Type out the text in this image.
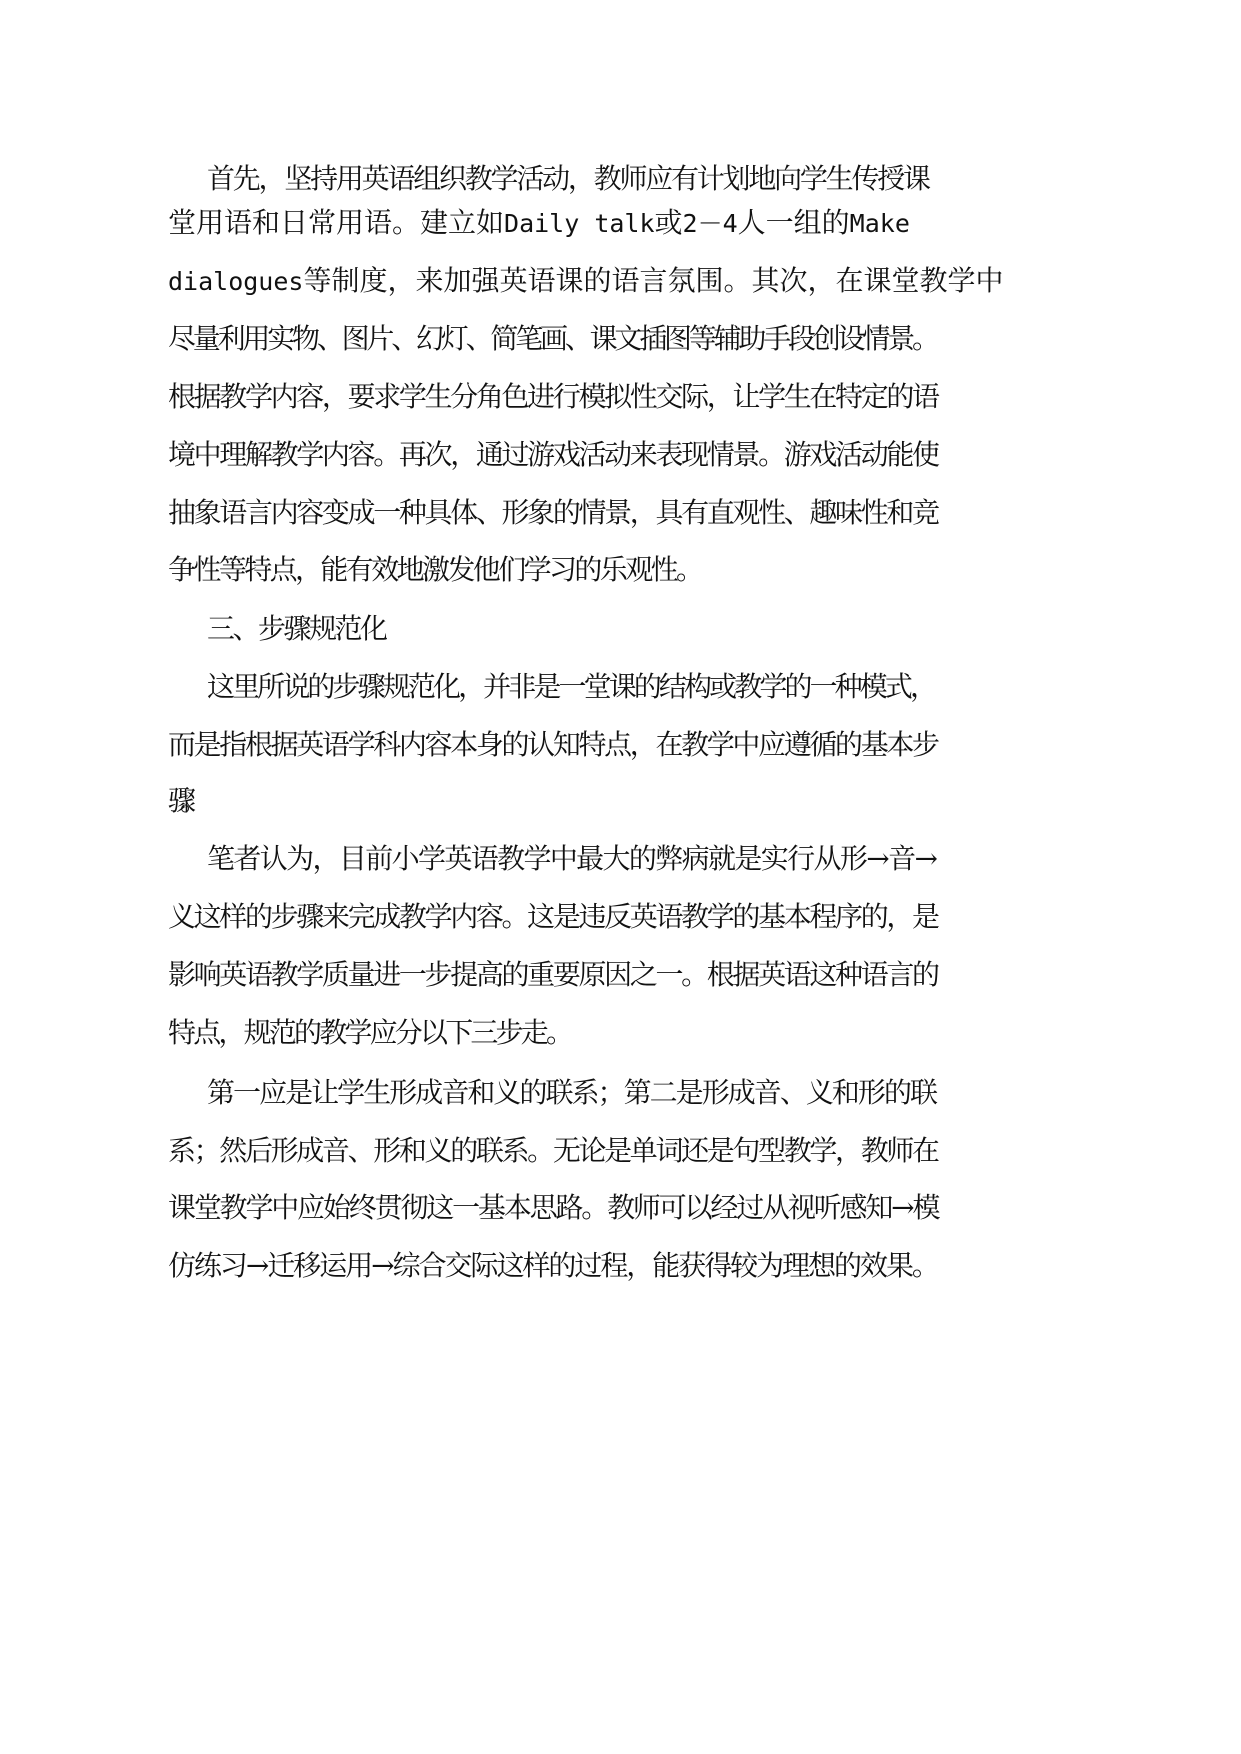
首先，坚持用英语组织教学活动，教师应有计划地向学生传授课

堂用语和日常用语。建立如Daily talk或2－4人一组的Make

dialogues等制度，来加强英语课的语言氛围。其次，在课堂教学中

尽量利用实物、图片、幻灯、简笔画、课文插图等辅助手段创设情景。

根据教学内容，要求学生分角色进行模拟性交际，让学生在特定的语

境中理解教学内容。再次，通过游戏活动来表现情景。游戏活动能使

抽象语言内容变成一种具体、形象的情景，具有直观性、趣味性和竞

争性等特点，能有效地激发他们学习的乐观性。

三、步骤规范化

这里所说的步骤规范化，并非是一堂课的结构或教学的一种模式，

而是指根据英语学科内容本身的认知特点，在教学中应遵循的基本步

骤。

笔者认为，目前小学英语教学中最大的弊病就是实行从形→音→

义这样的步骤来完成教学内容。这是违反英语教学的基本程序的，是

影响英语教学质量进一步提高的重要原因之一。根据英语这种语言的

特点，规范的教学应分以下三步走。

第一应是让学生形成音和义的联系；第二是形成音、义和形的联

系；然后形成音、形和义的联系。无论是单词还是句型教学，教师在

课堂教学中应始终贯彻这一基本思路。教师可以经过从视听感知→模

仿练习→迁移运用→综合交际这样的过程，能获得较为理想的效果。
